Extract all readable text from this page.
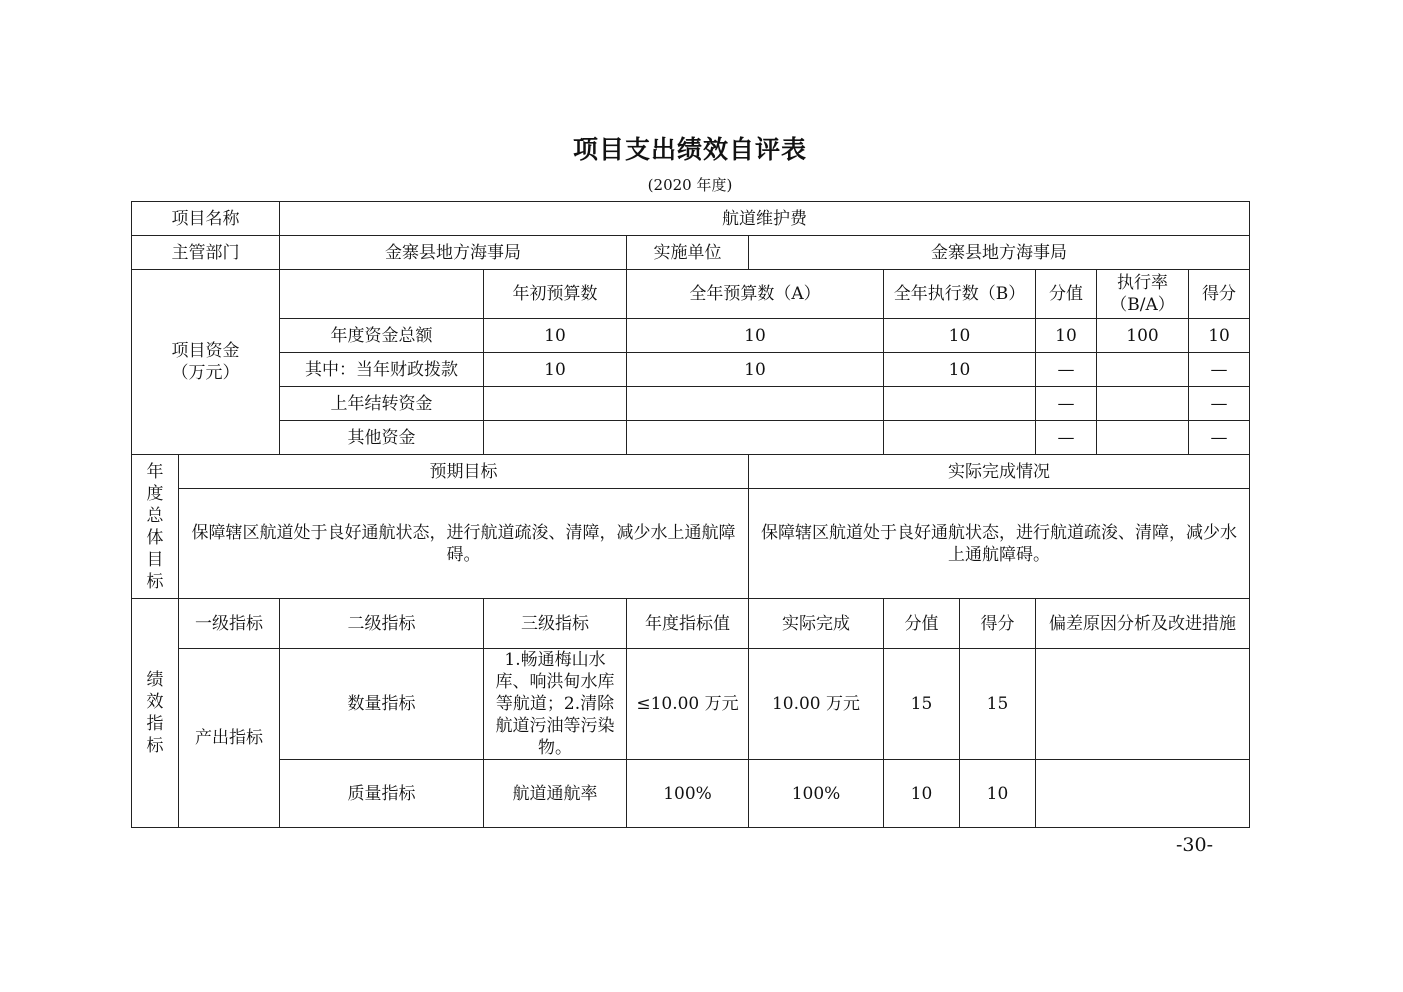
项目支出绩效自评表
(2020 年度)
项目名称		航道维护费								
主管部门		金寨县地方海事局		实施单位	金寨县地方海事局					

项目资金
（万元）			年初预算数	全年预算数（A）		全年执行数（B）		分值	执行率（B/A）	得分
		年度资金总额	10	10		10		10	100	10
		其中：当年财政拨款	10	10		10		—		—
		上年结转资金						—		—
		其他资金						—		—

年度总体目标	预期目标				实际完成情况					
	保障辖区航道处于良好通航状态，进行航道疏浚、清障，减少水上通航障碍。				保障辖区航道处于良好通航状态，进行航道疏浚、清障，减少水上通航障碍。					

绩效指标	一级指标	二级指标	三级指标	年度指标值	实际完成	分值	得分	偏差原因分析及改进措施		
	产出指标	数量指标	1.畅通梅山水库、响洪甸水库等航道；2.清除航道污油等污染物。	≤10.00 万元	10.00 万元	15	15			
		质量指标	航道通航率	100%	100%	10	10			
-30-
